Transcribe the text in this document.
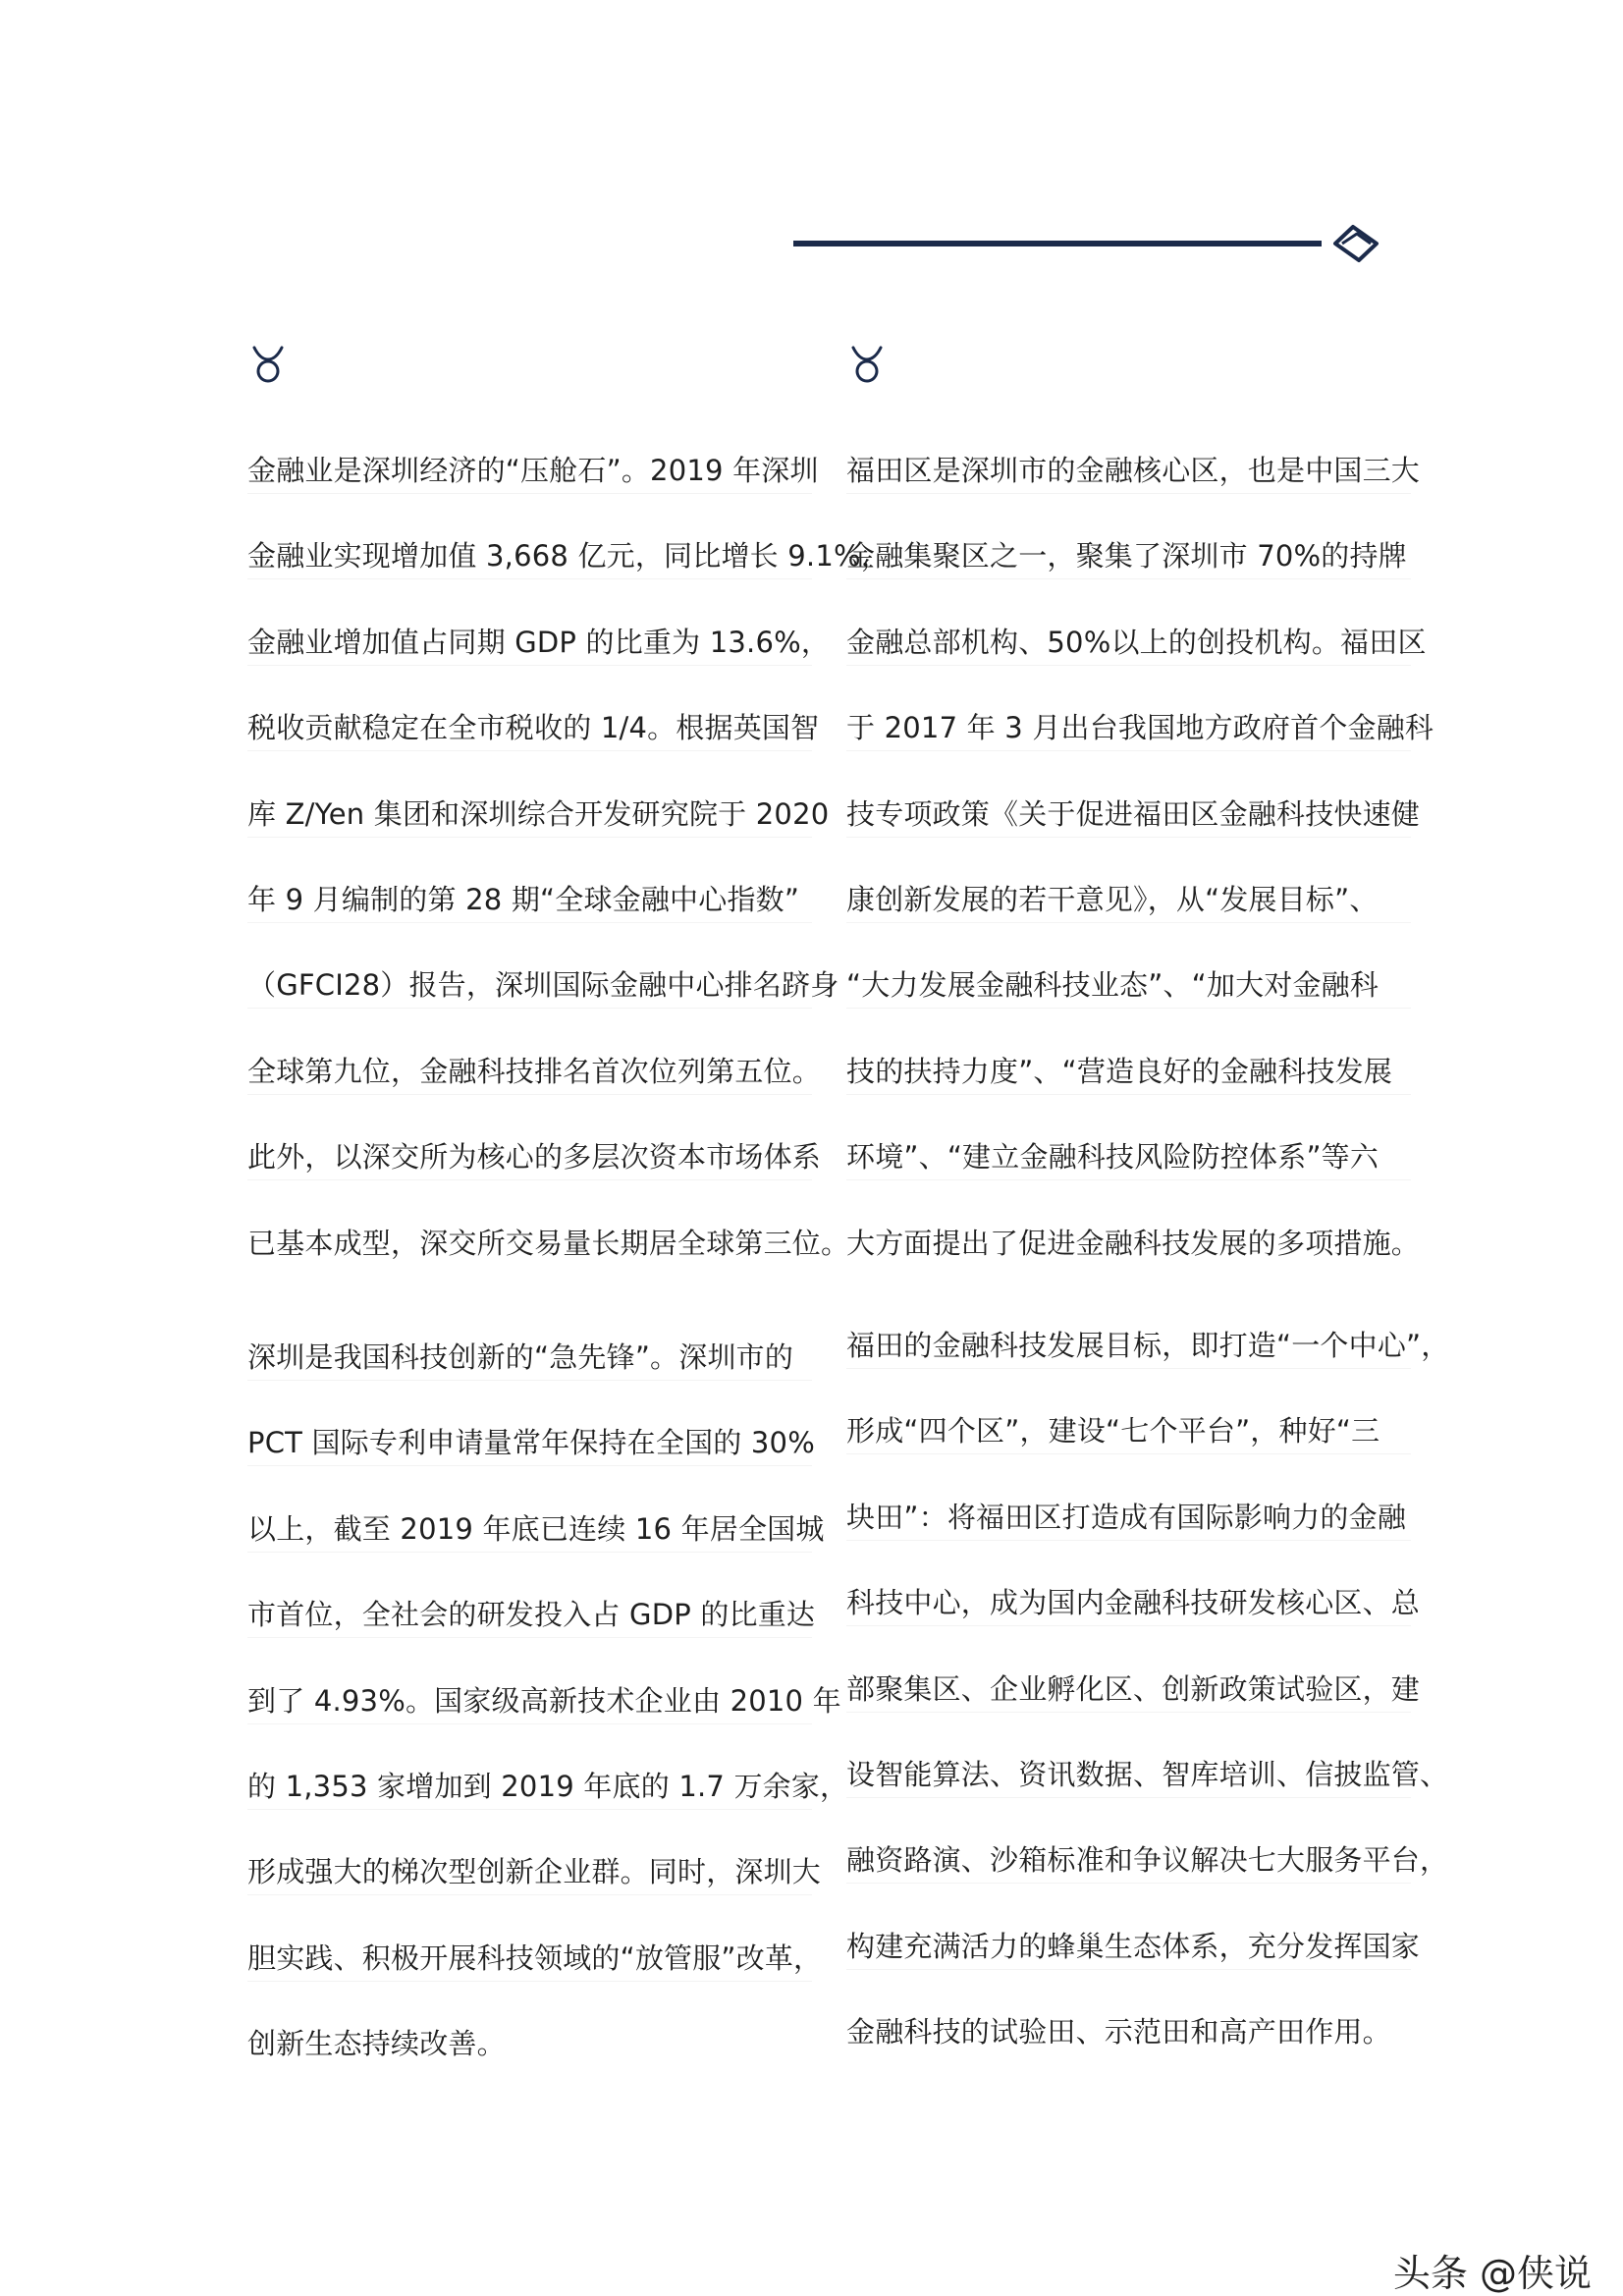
金融业是深圳经济的“压舱石”。2019 年深圳
金融业实现增加值 3,668 亿元，同比增长 9.1%，
金融业增加值占同期 GDP 的比重为 13.6%，
税收贡献稳定在全市税收的 1/4。根据英国智
库 Z/Yen 集团和深圳综合开发研究院于 2020
年 9 月编制的第 28 期“全球金融中心指数”
（GFCI28）报告，深圳国际金融中心排名跻身
全球第九位，金融科技排名首次位列第五位。
此外，以深交所为核心的多层次资本市场体系
已基本成型，深交所交易量长期居全球第三位。
深圳是我国科技创新的“急先锋”。深圳市的
PCT 国际专利申请量常年保持在全国的 30%
以上，截至 2019 年底已连续 16 年居全国城
市首位，全社会的研发投入占 GDP 的比重达
到了 4.93%。国家级高新技术企业由 2010 年
的 1,353 家增加到 2019 年底的 1.7 万余家，
形成强大的梯次型创新企业群。同时，深圳大
胆实践、积极开展科技领域的“放管服”改革，
创新生态持续改善。
福田区是深圳市的金融核心区，也是中国三大
金融集聚区之一，聚集了深圳市 70%的持牌
金融总部机构、50%以上的创投机构。福田区
于 2017 年 3 月出台我国地方政府首个金融科
技专项政策《关于促进福田区金融科技快速健
康创新发展的若干意见》，从“发展目标”、
“大力发展金融科技业态”、“加大对金融科
技的扶持力度”、“营造良好的金融科技发展
环境”、“建立金融科技风险防控体系”等六
大方面提出了促进金融科技发展的多项措施。
福田的金融科技发展目标，即打造“一个中心”，
形成“四个区”，建设“七个平台”，种好“三
块田”：将福田区打造成有国际影响力的金融
科技中心，成为国内金融科技研发核心区、总
部聚集区、企业孵化区、创新政策试验区，建
设智能算法、资讯数据、智库培训、信披监管、
融资路演、沙箱标准和争议解决七大服务平台，
构建充满活力的蜂巢生态体系，充分发挥国家
金融科技的试验田、示范田和高产田作用。
头条 @侠说
